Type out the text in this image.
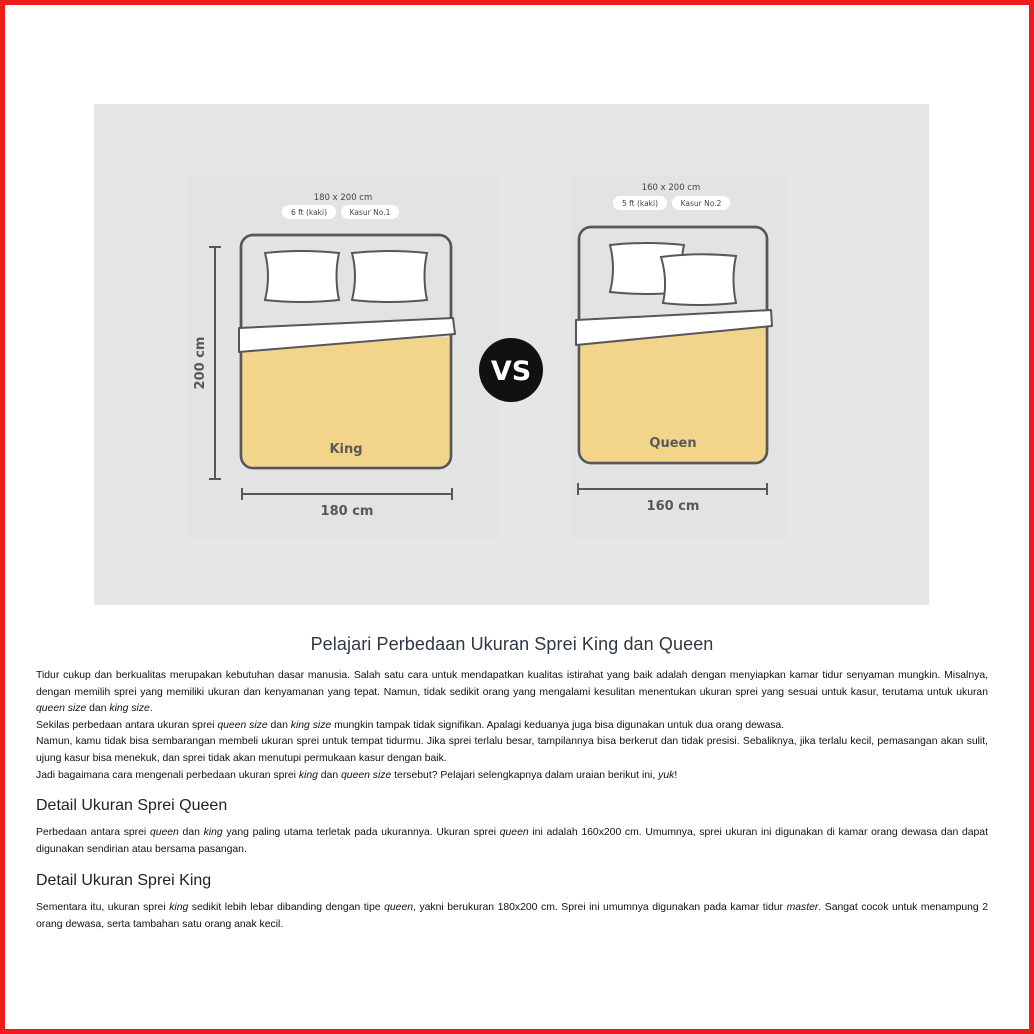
180 x 200 cm
6 ft (kaki)	Kasur No.1
200 cm
King
180 cm
VS
160 x 200 cm
5 ft (kaki)	Kasur No.2
Queen
160 cm
Pelajari Perbedaan Ukuran Sprei King dan Queen

Tidur cukup dan berkualitas merupakan kebutuhan dasar manusia. Salah satu cara untuk mendapatkan kualitas istirahat yang baik adalah dengan menyiapkan kamar tidur senyaman mungkin. Misalnya, dengan memilih sprei yang memiliki ukuran dan kenyamanan yang tepat. Namun, tidak sedikit orang yang mengalami kesulitan menentukan ukuran sprei yang sesuai untuk kasur, terutama untuk ukuran queen size dan king size.

Sekilas perbedaan antara ukuran sprei queen size dan king size mungkin tampak tidak signifikan. Apalagi keduanya juga bisa digunakan untuk dua orang dewasa.

Namun, kamu tidak bisa sembarangan membeli ukuran sprei untuk tempat tidurmu. Jika sprei terlalu besar, tampilannya bisa berkerut dan tidak presisi. Sebaliknya, jika terlalu kecil, pemasangan akan sulit, ujung kasur bisa menekuk, dan sprei tidak akan menutupi permukaan kasur dengan baik.

Jadi bagaimana cara mengenali perbedaan ukuran sprei king dan queen size tersebut? Pelajari selengkapnya dalam uraian berikut ini, yuk!

Detail Ukuran Sprei Queen

Perbedaan antara sprei queen dan king yang paling utama terletak pada ukurannya. Ukuran sprei queen ini adalah 160x200 cm. Umumnya, sprei ukuran ini digunakan di kamar orang dewasa dan dapat digunakan sendirian atau bersama pasangan.

Detail Ukuran Sprei King

Sementara itu, ukuran sprei king sedikit lebih lebar dibanding dengan tipe queen, yakni berukuran 180x200 cm. Sprei ini umumnya digunakan pada kamar tidur master. Sangat cocok untuk menampung 2 orang dewasa, serta tambahan satu orang anak kecil.
